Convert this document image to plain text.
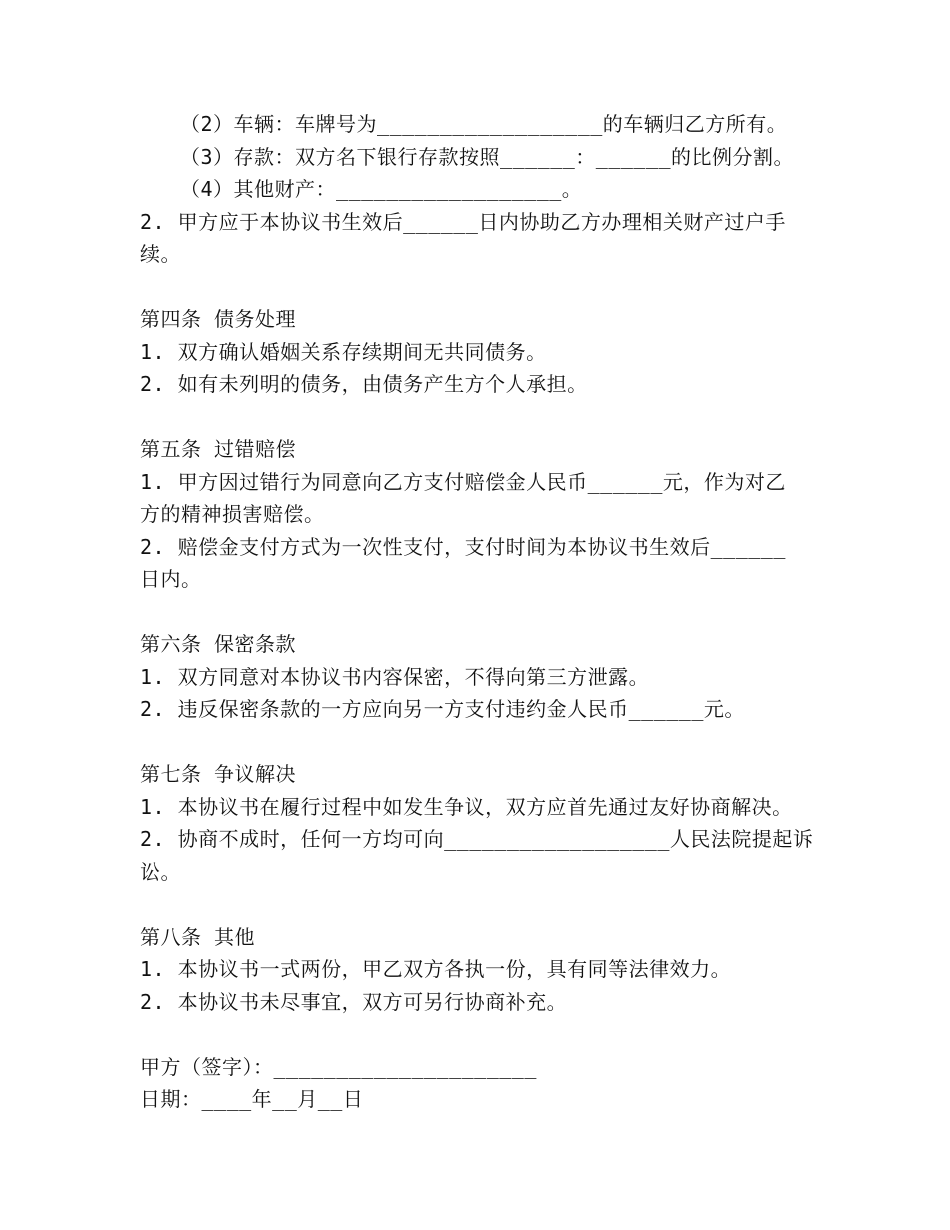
（2）车辆：车牌号为__________________的车辆归乙方所有。
（3）存款：双方名下银行存款按照______：______的比例分割。
（4）其他财产：__________________。
2. 甲方应于本协议书生效后______日内协助乙方办理相关财产过户手
续。
第四条 债务处理
1. 双方确认婚姻关系存续期间无共同债务。
2. 如有未列明的债务，由债务产生方个人承担。
第五条 过错赔偿
1. 甲方因过错行为同意向乙方支付赔偿金人民币______元，作为对乙
方的精神损害赔偿。
2. 赔偿金支付方式为一次性支付，支付时间为本协议书生效后______
日内。
第六条 保密条款
1. 双方同意对本协议书内容保密，不得向第三方泄露。
2. 违反保密条款的一方应向另一方支付违约金人民币______元。
第七条 争议解决
1. 本协议书在履行过程中如发生争议，双方应首先通过友好协商解决。
2. 协商不成时，任何一方均可向__________________人民法院提起诉
讼。
第八条 其他
1. 本协议书一式两份，甲乙双方各执一份，具有同等法律效力。
2. 本协议书未尽事宜，双方可另行协商补充。
甲方（签字）：_____________________
日期：____年__月__日
